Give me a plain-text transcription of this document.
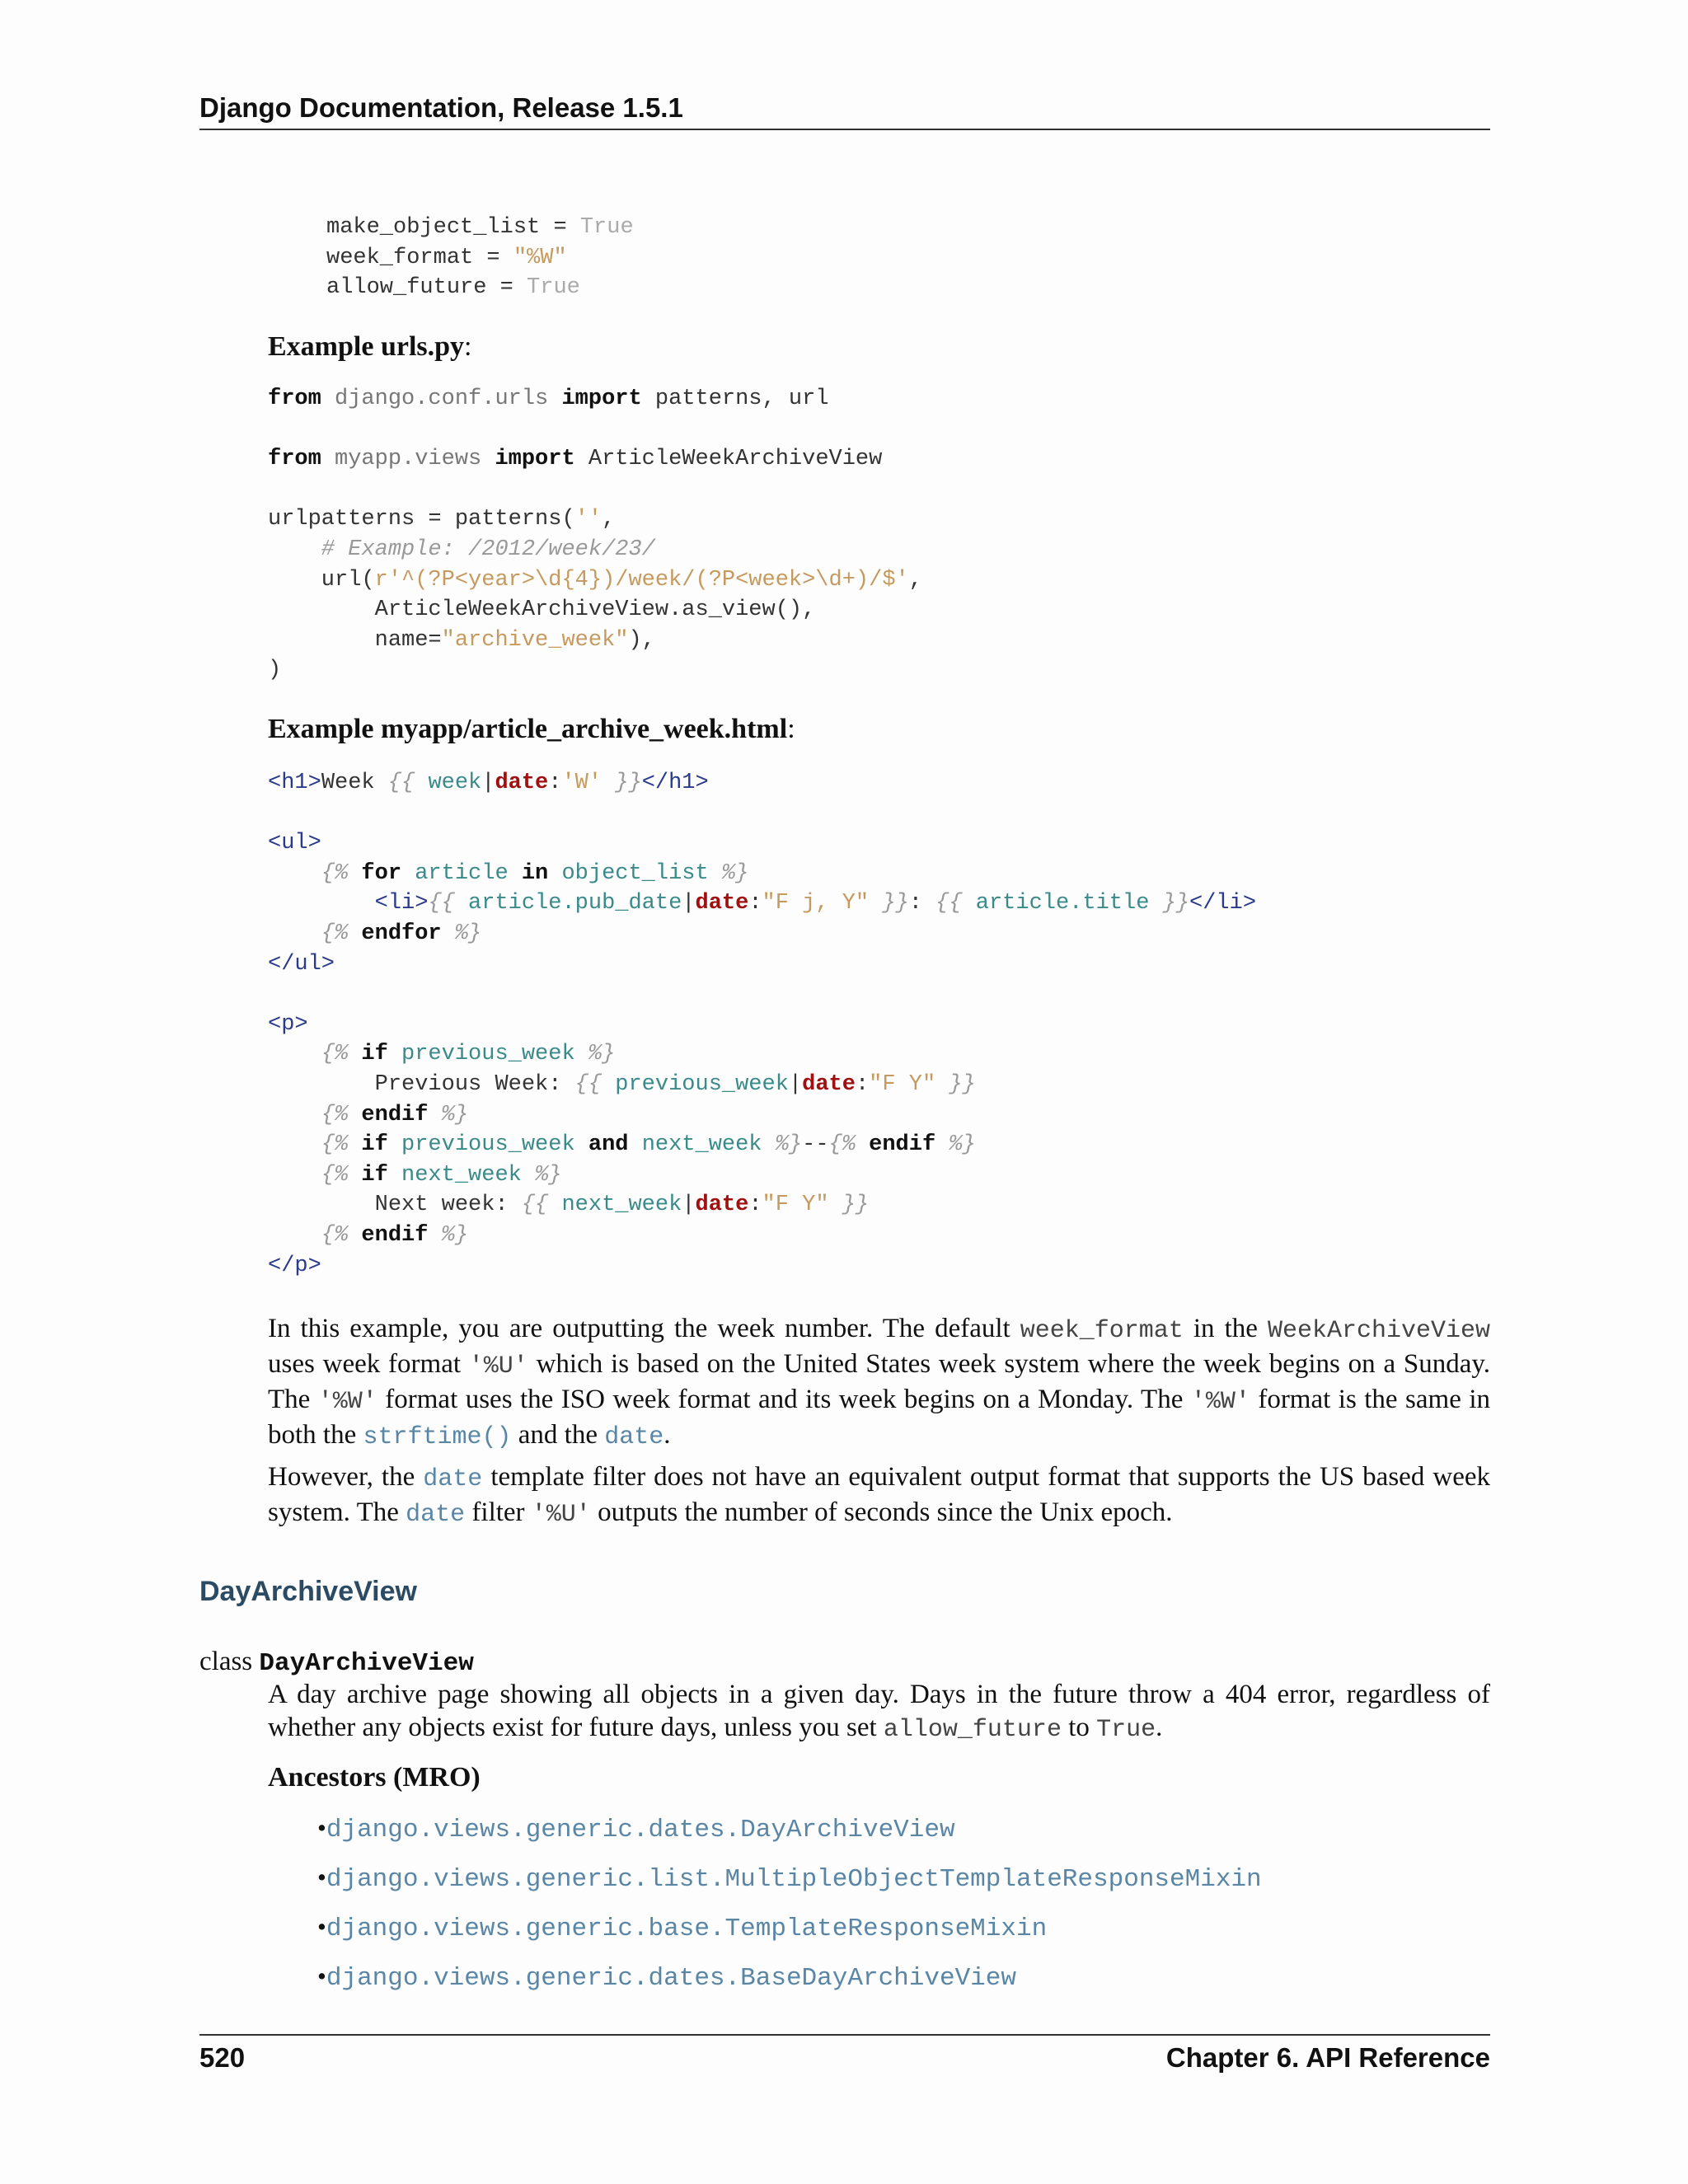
Django Documentation, Release 1.5.1
make_object_list = True
week_format = "%W"
allow_future = True
Example urls.py:
from django.conf.urls import patterns, url

from myapp.views import ArticleWeekArchiveView

urlpatterns = patterns('',
# Example: /2012/week/23/
url(r'^(?P<year>\d{4})/week/(?P<week>\d+)/$',
ArticleWeekArchiveView.as_view(),
name="archive_week"),
)
Example myapp/article_archive_week.html:
<h1>Week {{ week|date:'W' }}</h1>

<ul>
{% for article in object_list %}
<li>{{ article.pub_date|date:"F j, Y" }}: {{ article.title }}</li>
{% endfor %}
</ul>

<p>
{% if previous_week %}
Previous Week: {{ previous_week|date:"F Y" }}
{% endif %}
{% if previous_week and next_week %}--{% endif %}
{% if next_week %}
Next week: {{ next_week|date:"F Y" }}
{% endif %}
</p>
In this example, you are outputting the week number. The default week_format in the WeekArchiveView uses week format '%U' which is based on the United States week system where the week begins on a Sunday. The '%W' format uses the ISO week format and its week begins on a Monday. The '%W' format is the same in both the strftime() and the date.
However, the date template filter does not have an equivalent output format that supports the US based week system. The date filter '%U' outputs the number of seconds since the Unix epoch.
DayArchiveView
class DayArchiveView
A day archive page showing all objects in a given day. Days in the future throw a 404 error, regardless of whether any objects exist for future days, unless you set allow_future to True.
Ancestors (MRO)
•django.views.generic.dates.DayArchiveView
•django.views.generic.list.MultipleObjectTemplateResponseMixin
•django.views.generic.base.TemplateResponseMixin
•django.views.generic.dates.BaseDayArchiveView
520	Chapter 6. API Reference
